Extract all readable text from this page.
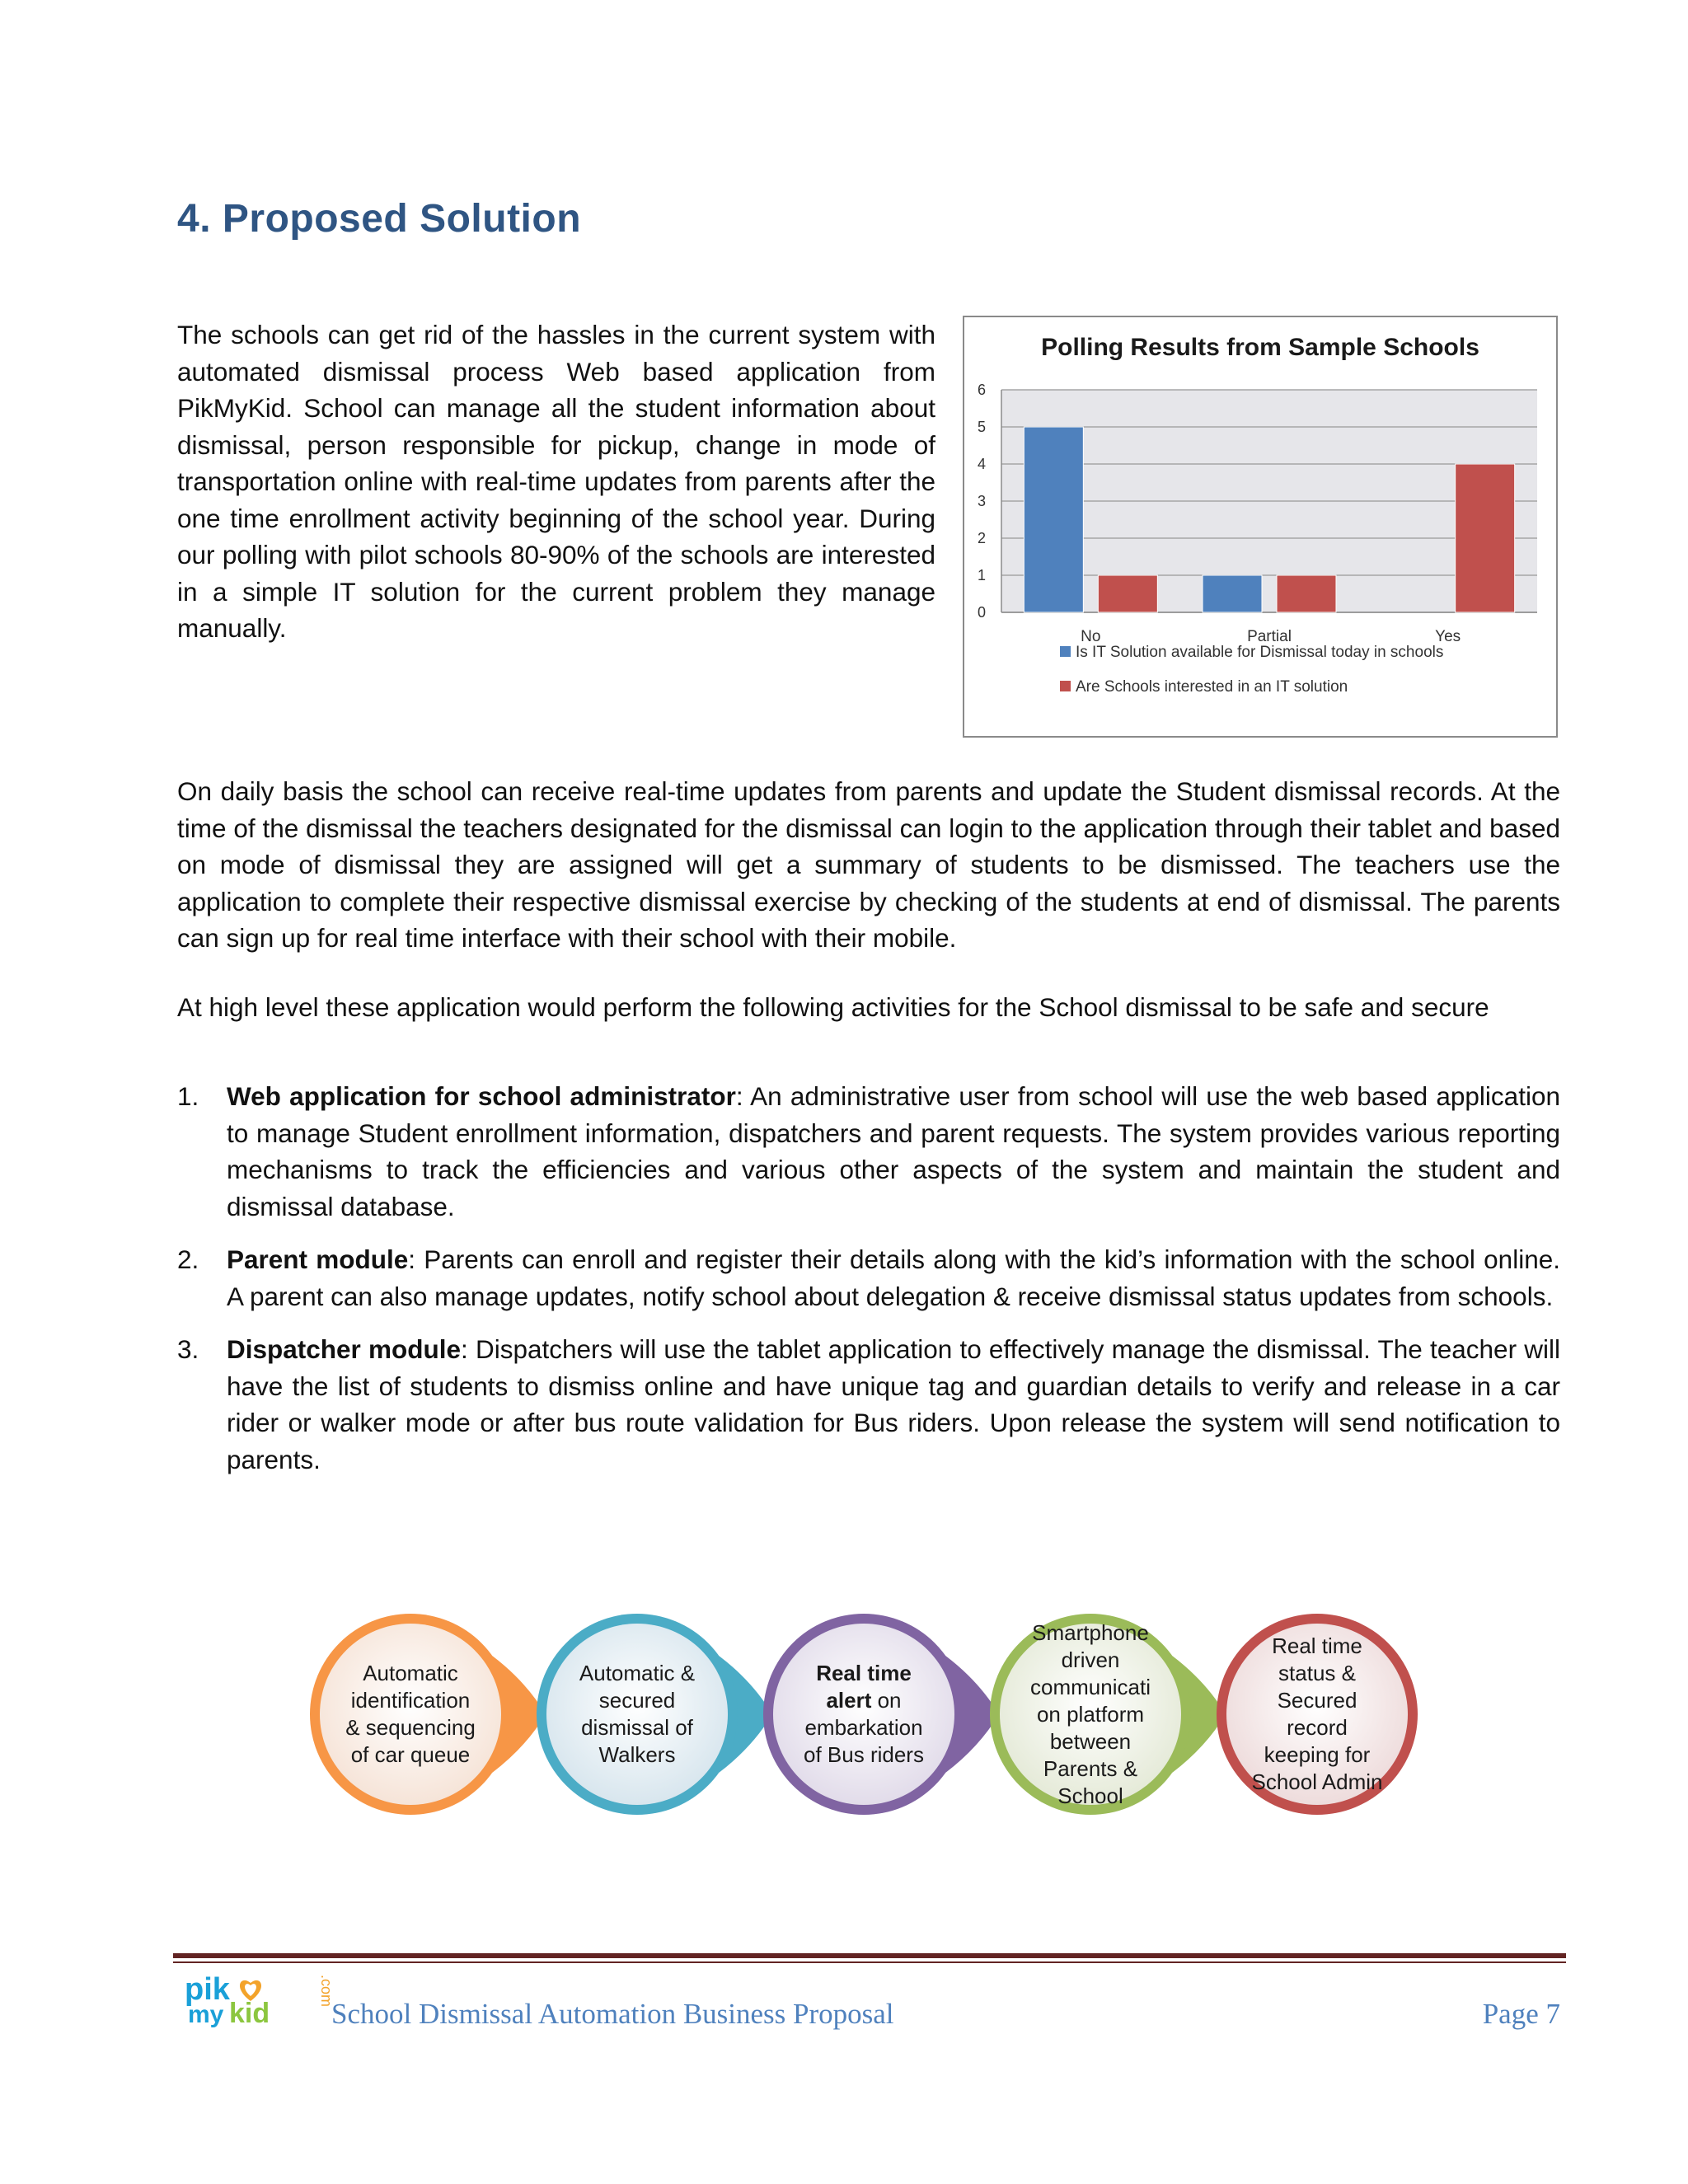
4. Proposed Solution
The schools can get rid of the hassles in the current system with automated dismissal process Web based application from PikMyKid. School can manage all the student information about dismissal, person responsible for pickup, change in mode of transportation online with real-time updates from parents after the one time enrollment activity beginning of the school year. During our polling with pilot schools 80-90% of the schools are interested in a simple IT solution for the current problem they manage manually.
Polling Results from Sample Schools
0
1
2
3
4
5
6
No	Partial	Yes
Is IT Solution available for Dismissal today in schools
Are Schools interested in an IT solution
On daily basis the school can receive real-time updates from parents and update the Student dismissal records. At the time of the dismissal the teachers designated for the dismissal can login to the application through their tablet and based on mode of dismissal they are assigned will get a summary of students to be dismissed. The teachers use the application to complete their respective dismissal exercise by checking of the students at end of dismissal. The parents can sign up for real time interface with their school with their mobile.
At high level these application would perform the following activities for the School dismissal to be safe and secure
1. Web application for school administrator: An administrative user from school will use the web based application to manage Student enrollment information, dispatchers and parent requests. The system provides various reporting mechanisms to track the efficiencies and various other aspects of the system and maintain the student and dismissal database.
2. Parent module: Parents can enroll and register their details along with the kid’s information with the school online. A parent can also manage updates, notify school about delegation & receive dismissal status updates from schools.
3. Dispatcher module: Dispatchers will use the tablet application to effectively manage the dismissal. The teacher will have the list of students to dismiss online and have unique tag and guardian details to verify and release in a car rider or walker mode or after bus route validation for Bus riders. Upon release the system will send notification to parents.
Automatic
identification
& sequencing
of car queue
Automatic &
secured
dismissal of
Walkers
Real time
alert on
embarkation
of Bus riders
Smartphone
driven
communicati
on platform
between
Parents &
School
Real time
status &
Secured
record
keeping for
School Admin
pik
my kid
.com
School Dismissal Automation Business Proposal	Page 7
